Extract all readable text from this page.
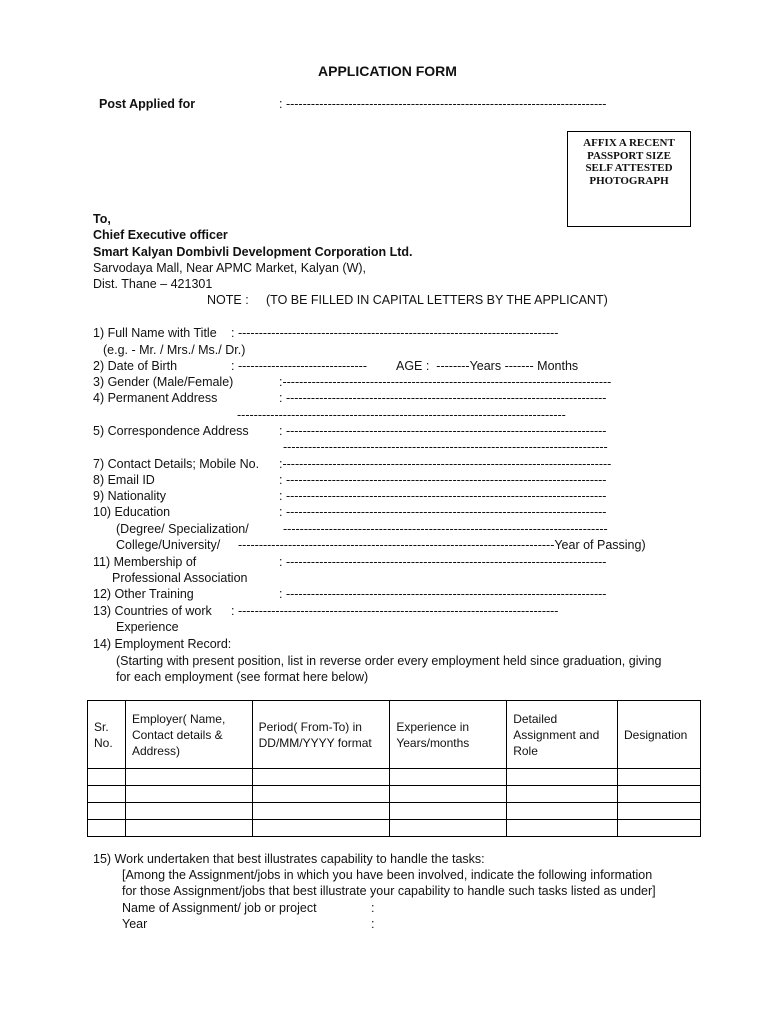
APPLICATION FORM
Post Applied for	: -----------------------------------------------------------------------------
AFFIX A RECENT
PASSPORT SIZE
SELF ATTESTED
PHOTOGRAPH
To,
Chief Executive officer
Smart Kalyan Dombivli Development Corporation Ltd.
Sarvodaya Mall, Near APMC Market, Kalyan (W),
Dist. Thane – 421301
NOTE : (TO BE FILLED IN CAPITAL LETTERS BY THE APPLICANT)
1) Full Name with Title : -----------------------------------------------------------------------------
(e.g. - Mr. / Mrs./ Ms./ Dr.)
2) Date of Birth	: ------------------------------- AGE :  --------Years ------- Months
3) Gender (Male/Female)	:-------------------------------------------------------------------------------
4) Permanent Address	: -----------------------------------------------------------------------------
-------------------------------------------------------------------------------
5) Correspondence Address : -----------------------------------------------------------------------------
------------------------------------------------------------------------------
7) Contact Details; Mobile No. :-------------------------------------------------------------------------------
8) Email ID	: -----------------------------------------------------------------------------
9) Nationality	: -----------------------------------------------------------------------------
10) Education	: -----------------------------------------------------------------------------
(Degree/ Specialization/	------------------------------------------------------------------------------
College/University/ ----------------------------------------------------------------------------Year of Passing)
11) Membership of	: -----------------------------------------------------------------------------
Professional Association
12) Other Training	: -----------------------------------------------------------------------------
13) Countries of work : -----------------------------------------------------------------------------
Experience
14) Employment Record:
(Starting with present position, list in reverse order every employment held since graduation, giving
for each employment (see format here below)
Sr.
No.	Employer( Name,
Contact details &
Address)	Period( From-To) in
DD/MM/YYYY format	Experience in
Years/months	Detailed
Assignment and
Role	Designation

15) Work undertaken that best illustrates capability to handle the tasks:
[Among the Assignment/jobs in which you have been involved, indicate the following information
for those Assignment/jobs that best illustrate your capability to handle such tasks listed as under]
Name of Assignment/ job or project	:
Year	:
